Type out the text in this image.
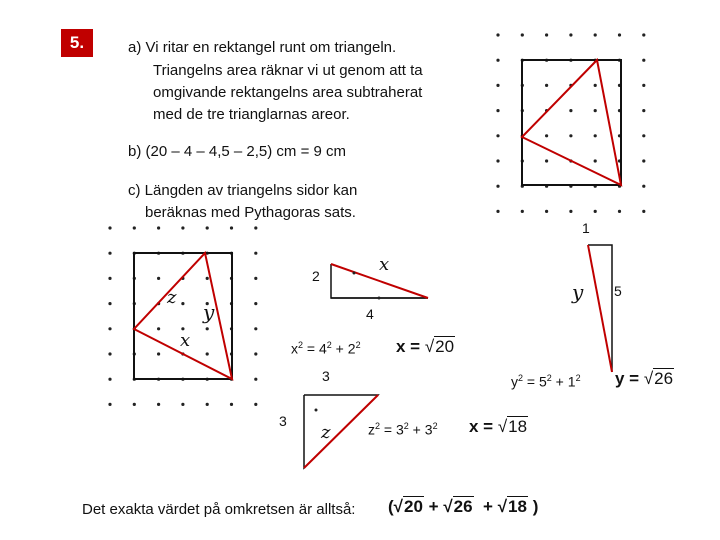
5.	a) Vi ritar en rektangel runt om triangeln.
Triangelns area räknar vi ut genom att ta
omgivande rektangelns area subtraherat
med de tre trianglarnas areor.
b) (20 – 4 – 4,5 – 2,5) cm = 9 cm
c) Längden av triangelns sidor kan
beräknas med Pythagoras sats.
z
y
x
2
4
x
$x^2 = 4^2 + 2^2$ x = √20
1
5
y
$y^2 = 5^2 + 1^2$ y = √26
3
3
z	$z^2 = 3^2 + 3^2$ x = √18
Det exakta värdet på omkretsen är alltså: (√20 + √26 + √18 )
